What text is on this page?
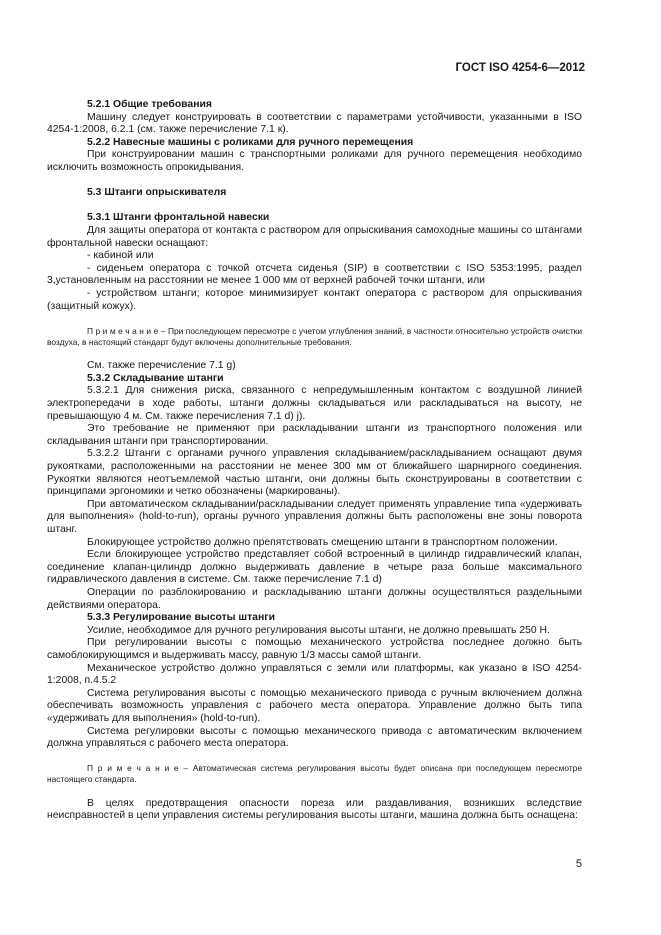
ГОСТ ISO 4254-6—2012

5.2.1 Общие требования

Машину следует конструировать в соответствии с параметрами устойчивости, указанными в ISO 4254-1:2008, 6.2.1 (см. также перечисление 7.1 к).

5.2.2 Навесные машины с роликами для ручного перемещения

При конструировании машин с транспортными роликами для ручного перемещения необходимо исключить возможность опрокидывания.

5.3 Штанги опрыскивателя

5.3.1 Штанги фронтальной навески

Для защиты оператора от контакта с раствором для опрыскивания самоходные машины со штангами фронтальной навески оснащают:

- кабиной или

- сиденьем оператора с точкой отсчета сиденья (SIP) в соответствии с ISO 5353:1995, раздел 3,установленным на расстоянии не менее 1 000 мм от верхней рабочей точки штанги, или

- устройством штанги; которое минимизирует контакт оператора с раствором для опрыскивания (защитный кожух).

П р и м е ч а н и е – При последующем пересмотре с учетом углубления знаний, в частности относительно устройств очистки воздуха, в настоящий стандарт будут включены дополнительные требования.

См. также перечисление 7.1 g)

5.3.2 Складывание штанги

5.3.2.1 Для снижения риска, связанного с непредумышленным контактом с воздушной линией электропередачи в ходе работы, штанги должны складываться или раскладываться на высоту, не превышающую 4 м. См. также перечисления 7.1 d) j).

Это требование не применяют при раскладывании штанги из транспортного положения или складывания штанги при транспортировании.

5.3.2.2 Штанги с органами ручного управления складыванием/раскладыванием оснащают двумя рукоятками, расположенными на расстоянии не менее 300 мм от ближайшего шарнирного соединения. Рукоятки являются неотъемлемой частью штанги, они должны быть сконструированы в соответствии с принципами эргономики и четко обозначены (маркированы).

При автоматическом складывании/раскладывании следует применять управление типа «удерживать для выполнения» (hold-to-run), органы ручного управления должны быть расположены вне зоны поворота штанг.

Блокирующее устройство должно препятствовать смещению штанги в транспортном положении.

Если блокирующее устройство представляет собой встроенный в цилиндр гидравлический клапан, соединение клапан-цилиндр должно выдерживать давление в четыре раза больше максимального гидравлического давления в системе. См. также перечисление 7.1 d)

Операции по разблокированию и раскладыванию штанги должны осуществляться раздельными действиями оператора.

5.3.3 Регулирование высоты штанги

Усилие, необходимое для ручного регулирования высоты штанги, не должно превышать 250 Н.

При регулировании высоты с помощью механического устройства последнее должно быть самоблокирующимся и выдерживать массу, равную 1/3 массы самой штанги.

Механическое устройство должно управляться с земли или платформы, как указано в ISO 4254-1:2008, п.4.5.2

Система регулирования высоты с помощью механического привода с ручным включением должна обеспечивать возможность управления с рабочего места оператора. Управление должно быть типа «удерживать для выполнения» (hold-to-run).

Система регулировки высоты с помощью механического привода с автоматическим включением должна управляться с рабочего места оператора.

П р и м е ч а н и е – Автоматическая система регулирования высоты будет описана при последующем пересмотре настоящего стандарта.

В целях предотвращения опасности пореза или раздавливания, возникших вследствие неисправностей в цепи управления системы регулирования высоты штанги, машина должна быть оснащена:

5
